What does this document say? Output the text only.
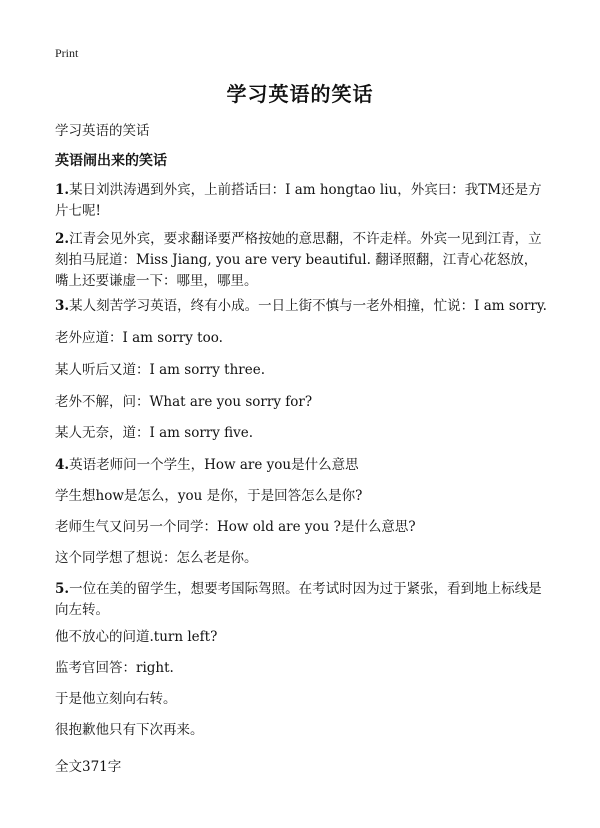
Print
学习英语的笑话
学习英语的笑话
英语闹出来的笑话
1.某日刘洪涛遇到外宾，上前搭话曰：I am hongtao liu，外宾曰：我TM还是方片七呢!
2.江青会见外宾，要求翻译要严格按她的意思翻，不许走样。外宾一见到江青，立刻拍马屁道：Miss Jiang, you are very beautiful. 翻译照翻，江青心花怒放，嘴上还要谦虚一下：哪里，哪里。
3.某人刻苦学习英语，终有小成。一日上街不慎与一老外相撞，忙说：I am sorry.
老外应道：I am sorry too.
某人听后又道：I am sorry three.
老外不解，问：What are you sorry for?
某人无奈，道：I am sorry five.
4.英语老师问一个学生，How are you是什么意思
学生想how是怎么，you 是你，于是回答怎么是你?
老师生气又问另一个同学：How old are you ?是什么意思?
这个同学想了想说：怎么老是你。
5.一位在美的留学生，想要考国际驾照。在考试时因为过于紧张，看到地上标线是向左转。
他不放心的问道.turn left?
监考官回答：right.
于是他立刻向右转。
很抱歉他只有下次再来。
全文371字
